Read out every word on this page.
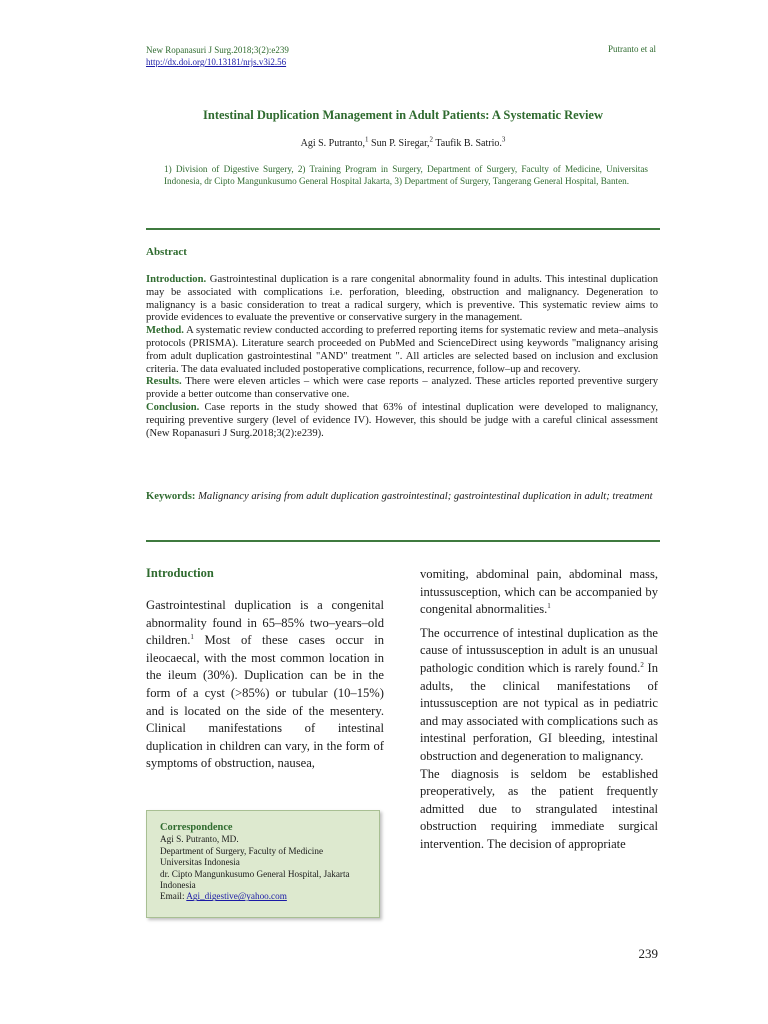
New Ropanasuri J Surg.2018;3(2):e239
http://dx.doi.org/10.13181/nrjs.v3i2.56
Putranto et al
Intestinal Duplication Management in Adult Patients: A Systematic Review
Agi S. Putranto,$^1$ Sun P. Siregar,$^2$ Taufik B. Satrio.$^3$
1) Division of Digestive Surgery, 2) Training Program in Surgery, Department of Surgery, Faculty of Medicine, Universitas Indonesia, dr Cipto Mangunkusumo General Hospital Jakarta, 3) Department of Surgery, Tangerang General Hospital, Banten.
Abstract

Introduction. Gastrointestinal duplication is a rare congenital abnormality found in adults. This intestinal duplication may be associated with complications i.e. perforation, bleeding, obstruction and malignancy. Degeneration to malignancy is a basic consideration to treat a radical surgery, which is preventive. This systematic review aims to provide evidences to evaluate the preventive or conservative surgery in the management.

Method. A systematic review conducted according to preferred reporting items for systematic review and meta–analysis protocols (PRISMA). Literature search proceeded on PubMed and ScienceDirect using keywords "malignancy arising from adult duplication gastrointestinal "AND" treatment ". All articles are selected based on inclusion and exclusion criteria. The data evaluated included postoperative complications, recurrence, follow–up and recovery.

Results. There were eleven articles – which were case reports – analyzed. These articles reported preventive surgery provide a better outcome than conservative one.

Conclusion. Case reports in the study showed that 63% of intestinal duplication were developed to malignancy, requiring preventive surgery (level of evidence IV). However, this should be judge with a careful clinical assessment (New Ropanasuri J Surg.2018;3(2):e239).

Keywords: Malignancy arising from adult duplication gastrointestinal; gastrointestinal duplication in adult; treatment
Introduction

Gastrointestinal duplication is a congenital abnormality found in 65–85% two–years–old children.$^1$ Most of these cases occur in ileocaecal, with the most common location in the ileum (30%). Duplication can be in the form of a cyst (>85%) or tubular (10–15%) and is located on the side of the mesentery. Clinical manifestations of intestinal duplication in children can vary, in the form of symptoms of obstruction, nausea,

vomiting, abdominal pain, abdominal mass, intussusception, which can be accompanied by congenital abnormalities.$^1$

The occurrence of intestinal duplication as the cause of intussusception in adult is an unusual pathologic condition which is rarely found.$^2$ In adults, the clinical manifestations of intussusception are not typical as in pediatric and may associated with complications such as intestinal perforation, GI bleeding, intestinal obstruction and degeneration to malignancy.

The diagnosis is seldom be established preoperatively, as the patient frequently admitted due to strangulated intestinal obstruction requiring immediate surgical intervention. The decision of appropriate

Correspondence
Agi S. Putranto, MD.
Department of Surgery, Faculty of Medicine
Universitas Indonesia
dr. Cipto Mangunkusumo General Hospital, Jakarta
Indonesia
Email: Agi_digestive@yahoo.com
239
